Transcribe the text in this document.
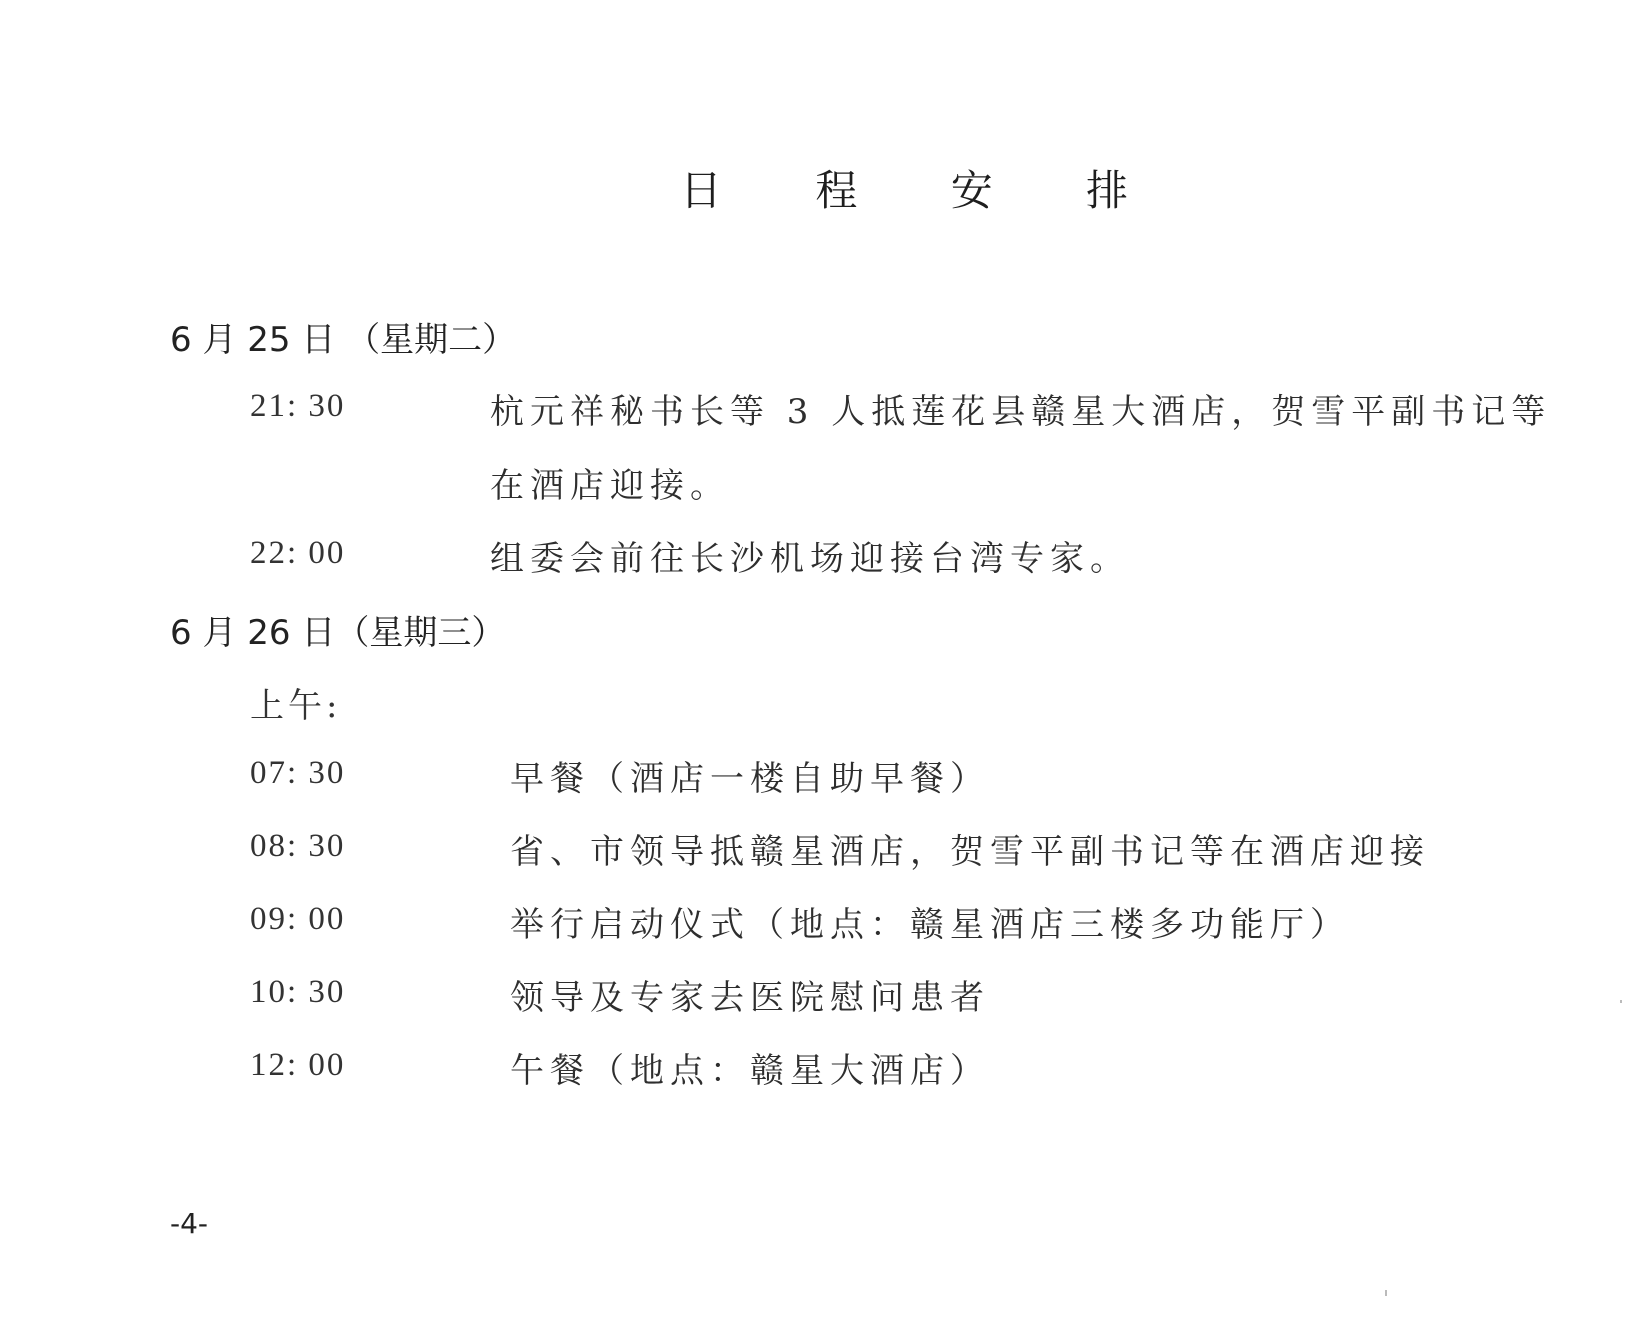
日 程 安 排
6 月 25 日 （星期二）
21: 30	杭元祥秘书长等 3 人抵莲花县赣星大酒店，贺雪平副书记等
在酒店迎接。
22: 00	组委会前往长沙机场迎接台湾专家。
6 月 26 日（星期三）
上午:
07: 30	早餐（酒店一楼自助早餐）
08: 30	省、市领导抵赣星酒店，贺雪平副书记等在酒店迎接
09: 00	举行启动仪式（地点：赣星酒店三楼多功能厅）
10: 30	领导及专家去医院慰问患者
12: 00	午餐（地点：赣星大酒店）
-4-
